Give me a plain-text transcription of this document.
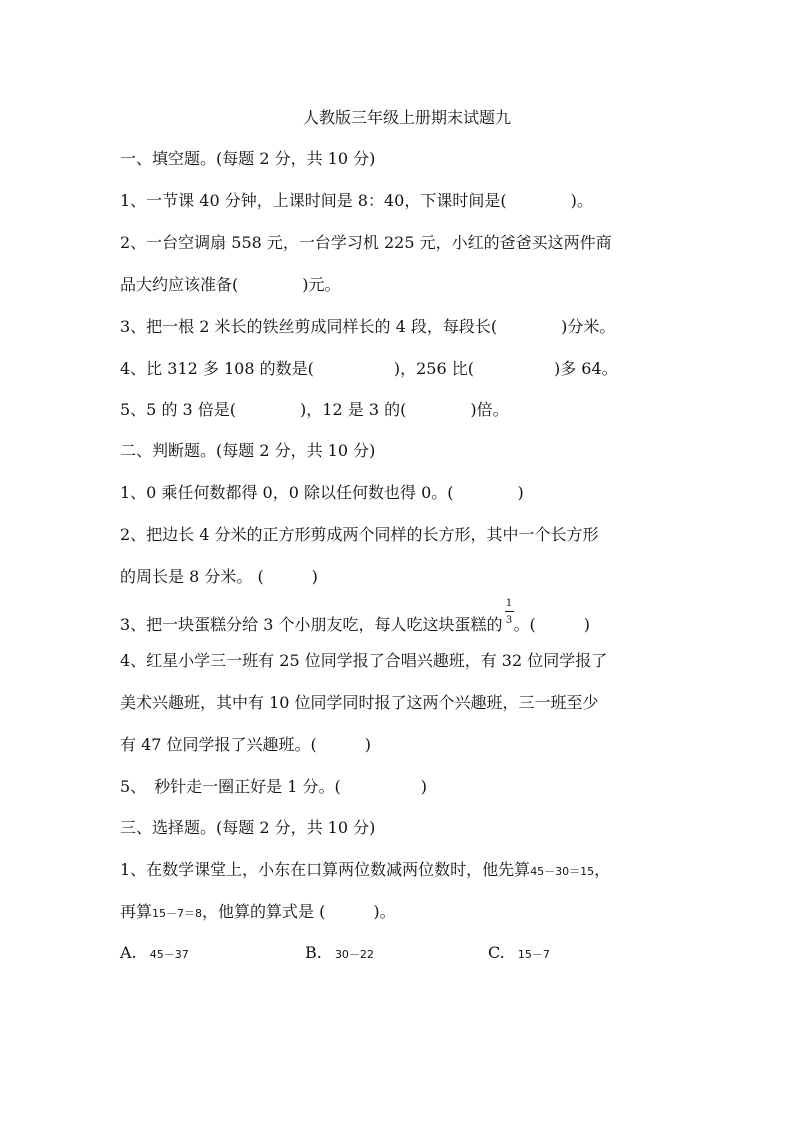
人教版三年级上册期末试题九
一、填空题。(每题 2 分，共 10 分)
1、一节课 40 分钟，上课时间是 8：40，下课时间是(　　　　)。
2、一台空调扇 558 元，一台学习机 225 元，小红的爸爸买这两件商
品大约应该准备(　　　　)元。
3、把一根 2 米长的铁丝剪成同样长的 4 段，每段长(　　　　)分米。
4、比 312 多 108 的数是(　　　　　)，256 比(　　　　　)多 64。
5、5 的 3 倍是(　　　　)，12 是 3 的(　　　　)倍。
二、判断题。(每题 2 分，共 10 分)
1、0 乘任何数都得 0，0 除以任何数也得 0。(　　　　)
2、把边长 4 分米的正方形剪成两个同样的长方形，其中一个长方形
的周长是 8 分米。 (　　　)
3、把一块蛋糕分给 3 个小朋友吃，每人吃这块蛋糕的 $\frac{1}{3}$ 。(　　　)
4、红星小学三一班有 25 位同学报了合唱兴趣班，有 32 位同学报了
美术兴趣班，其中有 10 位同学同时报了这两个兴趣班，三一班至少
有 47 位同学报了兴趣班。(　　　)
5、　秒针走一圈正好是 1 分。(　　　　　)
三、选择题。(每题 2 分，共 10 分)
1、在数学课堂上，小东在口算两位数减两位数时，他先算45－30＝15，
再算15－7＝8，他算的算式是 (　　　)。
A. 45－37	B. 30－22	C. 15－7
